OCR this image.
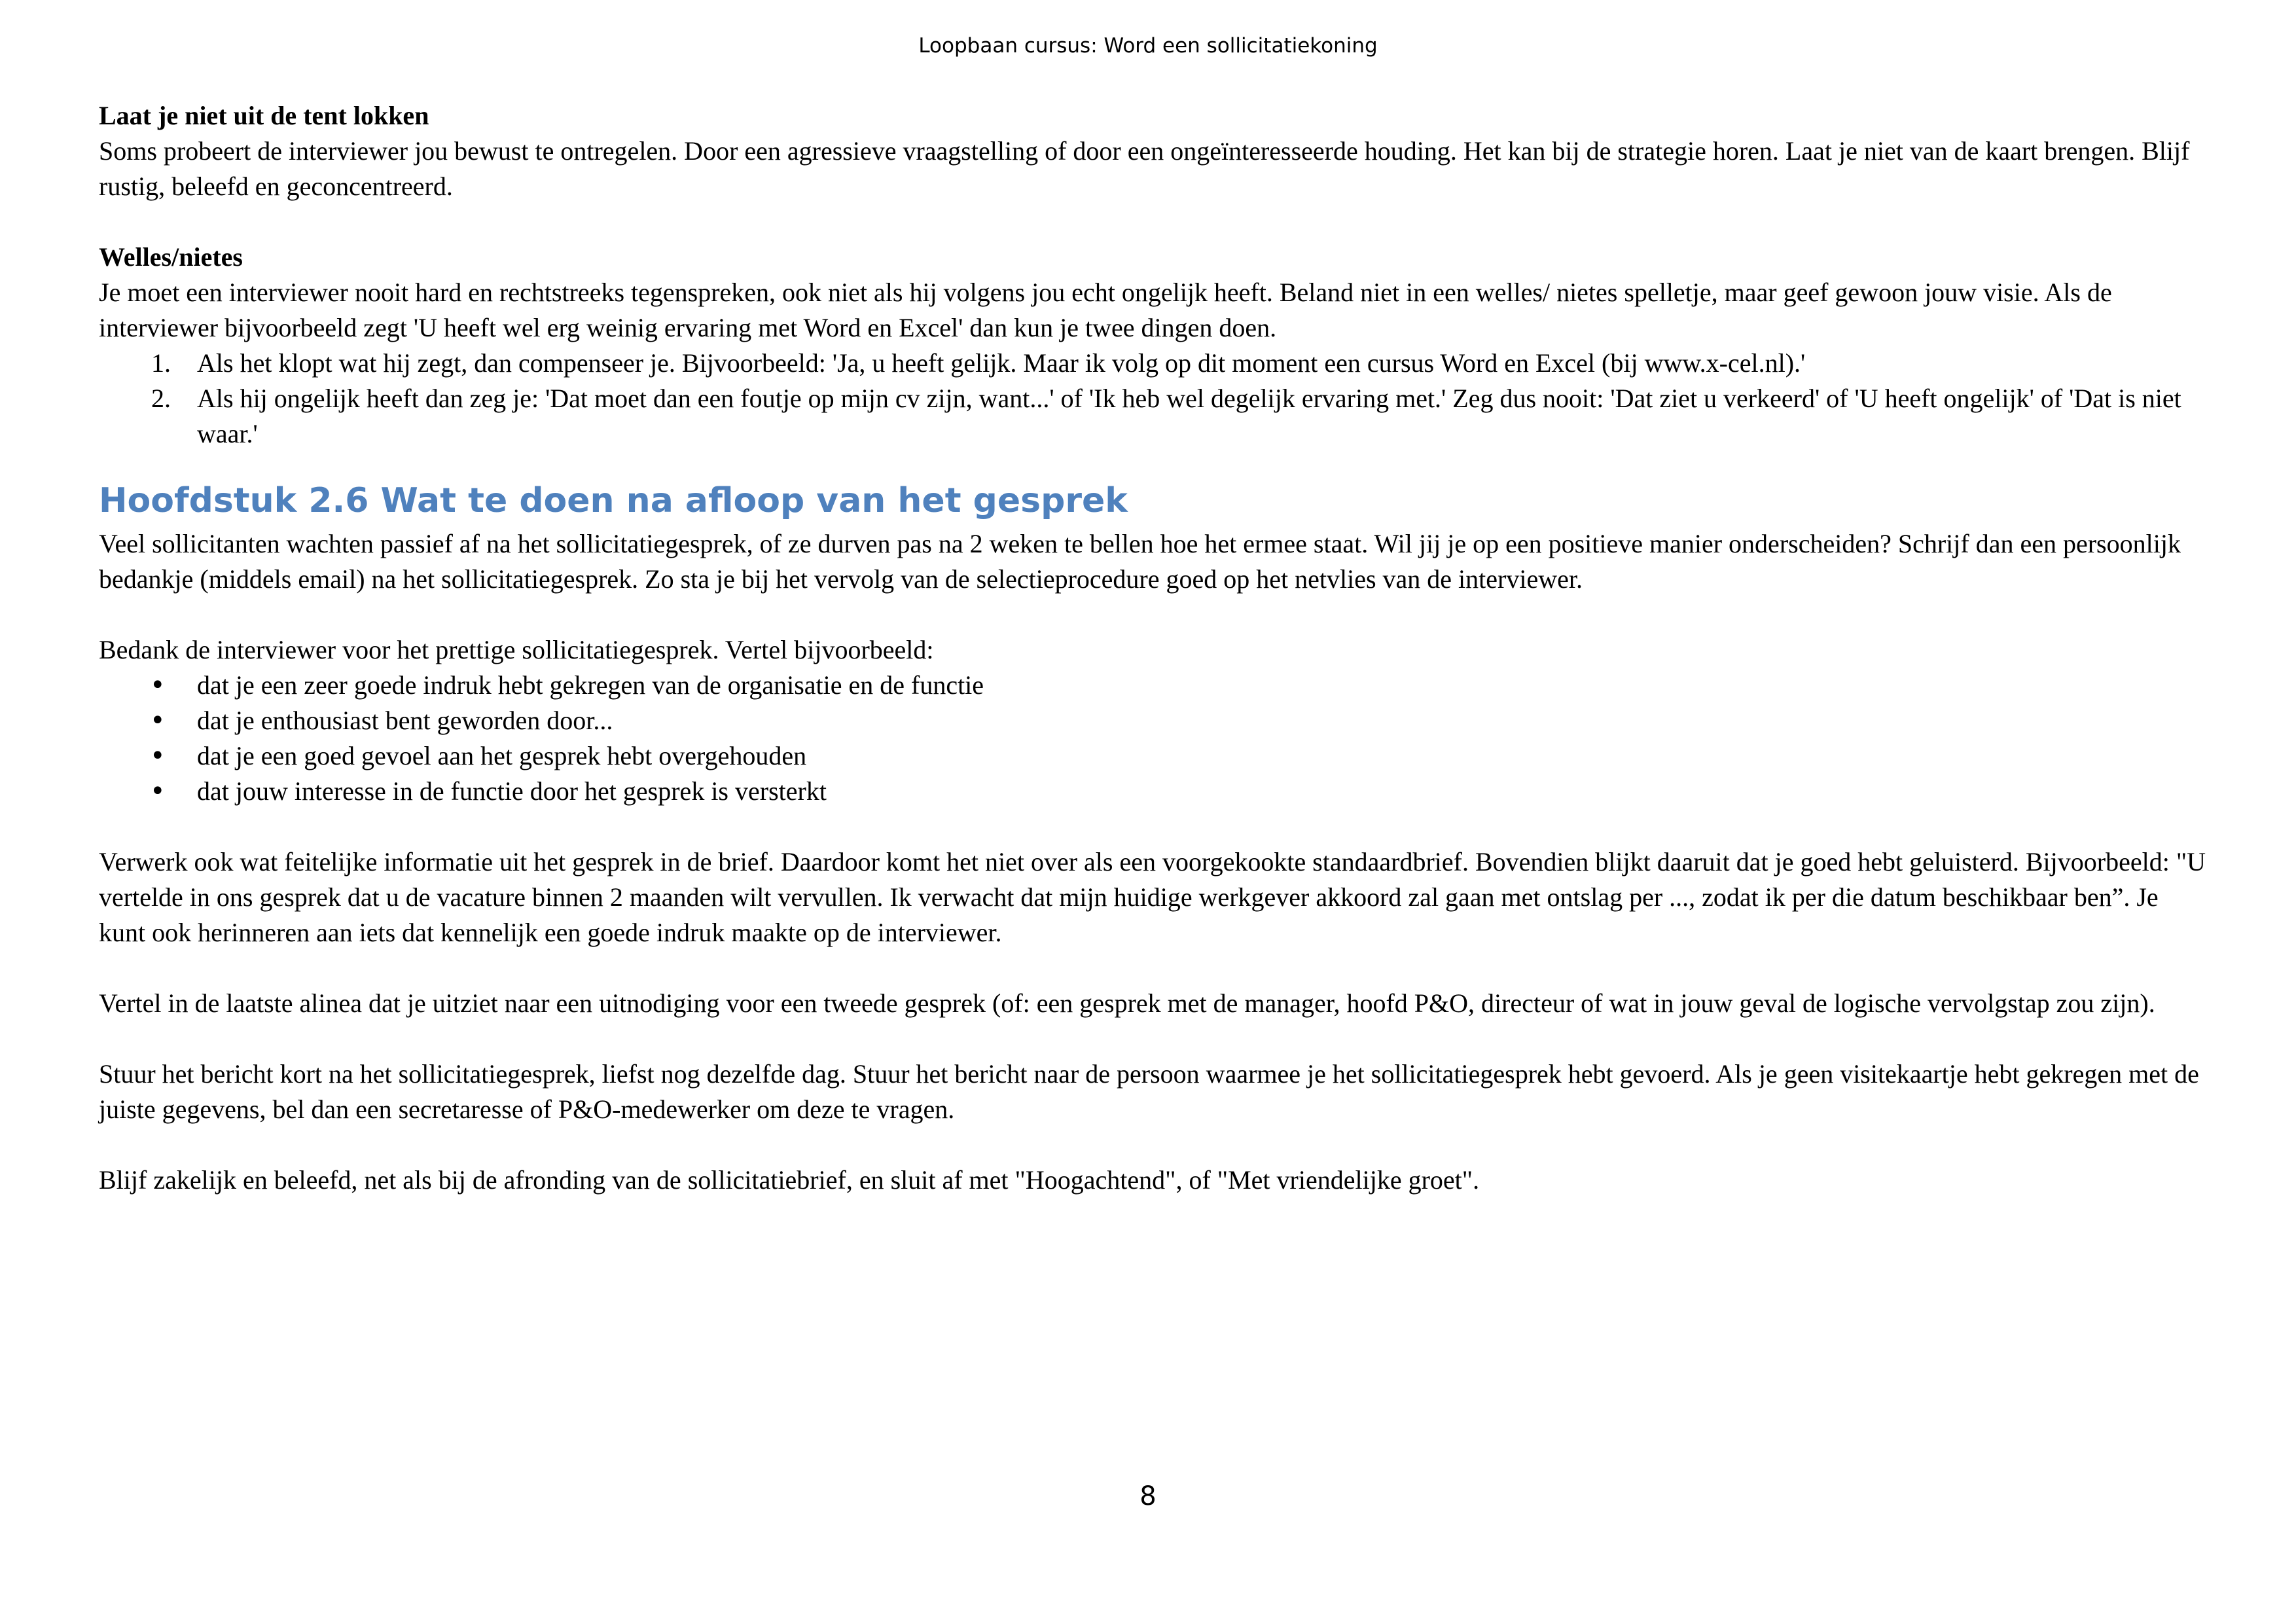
Loopbaan cursus: Word een sollicitatiekoning

Laat je niet uit de tent lokken

Soms probeert de interviewer jou bewust te ontregelen. Door een agressieve vraagstelling of door een ongeïnteresseerde houding. Het kan bij de strategie horen. Laat je niet van de kaart brengen. Blijf rustig, beleefd en geconcentreerd.

Welles/nietes

Je moet een interviewer nooit hard en rechtstreeks tegenspreken, ook niet als hij volgens jou echt ongelijk heeft. Beland niet in een welles/ nietes spelletje, maar geef gewoon jouw visie. Als de interviewer bijvoorbeeld zegt 'U heeft wel erg weinig ervaring met Word en Excel' dan kun je twee dingen doen.

1. Als het klopt wat hij zegt, dan compenseer je. Bijvoorbeeld: 'Ja, u heeft gelijk. Maar ik volg op dit moment een cursus Word en Excel (bij www.x-cel.nl).'
2. Als hij ongelijk heeft dan zeg je: 'Dat moet dan een foutje op mijn cv zijn, want...' of 'Ik heb wel degelijk ervaring met.' Zeg dus nooit: 'Dat ziet u verkeerd' of 'U heeft ongelijk' of 'Dat is niet waar.'
Hoofdstuk 2.6 Wat te doen na afloop van het gesprek

Veel sollicitanten wachten passief af na het sollicitatiegesprek, of ze durven pas na 2 weken te bellen hoe het ermee staat. Wil jij je op een positieve manier onderscheiden? Schrijf dan een persoonlijk bedankje (middels email) na het sollicitatiegesprek. Zo sta je bij het vervolg van de selectieprocedure goed op het netvlies van de interviewer.

Bedank de interviewer voor het prettige sollicitatiegesprek. Vertel bijvoorbeeld:

• dat je een zeer goede indruk hebt gekregen van de organisatie en de functie
• dat je enthousiast bent geworden door...
• dat je een goed gevoel aan het gesprek hebt overgehouden
• dat jouw interesse in de functie door het gesprek is versterkt

Verwerk ook wat feitelijke informatie uit het gesprek in de brief. Daardoor komt het niet over als een voorgekookte standaardbrief. Bovendien blijkt daaruit dat je goed hebt geluisterd. Bijvoorbeeld: "U vertelde in ons gesprek dat u de vacature binnen 2 maanden wilt vervullen. Ik verwacht dat mijn huidige werkgever akkoord zal gaan met ontslag per ..., zodat ik per die datum beschikbaar ben”. Je kunt ook herinneren aan iets dat kennelijk een goede indruk maakte op de interviewer.

Vertel in de laatste alinea dat je uitziet naar een uitnodiging voor een tweede gesprek (of: een gesprek met de manager, hoofd P&O, directeur of wat in jouw geval de logische vervolgstap zou zijn).

Stuur het bericht kort na het sollicitatiegesprek, liefst nog dezelfde dag. Stuur het bericht naar de persoon waarmee je het sollicitatiegesprek hebt gevoerd. Als je geen visitekaartje hebt gekregen met de juiste gegevens, bel dan een secretaresse of P&O-medewerker om deze te vragen.

Blijf zakelijk en beleefd, net als bij de afronding van de sollicitatiebrief, en sluit af met "Hoogachtend", of "Met vriendelijke groet".

8
